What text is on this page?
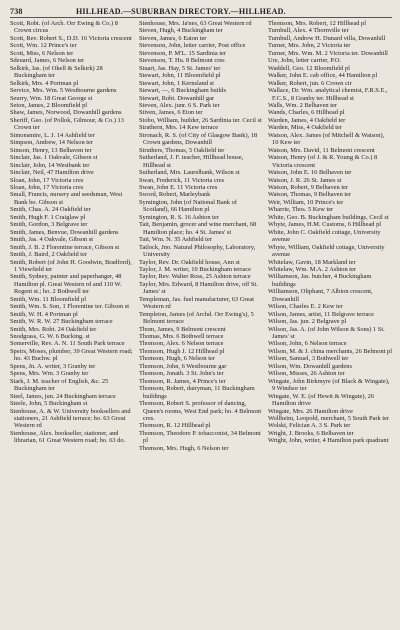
738	HILLHEAD.—SUBURBAN DIRECTORY.—HILLHEAD.
Scott, Robt. (of Arch. Orr Ewing & Co.) 8 Crown circus
Scott, Rev. Robert S., D.D. 16 Victoria crescent
Scott, Wm. 12 Prince's ter
Scott, Miss, 6 Nelson ter
Sdeuard, James, 6 Nelson ter
Selkirk, Jas. (of Okell & Selkirk) 28 Buckingham ter
Selkirk, Mrs. 4 Portman pl
Service, Mrs. Wm. 5 Westbourne gardens
Seurry, Wm. 18 Great George st
Seton, James, 2 Bloomfield pl
Shaw, James, Norwood, Dowanhill gardens
Sheriff, Geo. (of Pollok, Gilmour, & Co.) 13 Crown ter
Simonsmire, L. J. 14 Ashfield ter
Simpson, Andrew, 14 Nelson ter
Simson, Henry, 13 Belhaven ter
Sinclair, Jas. 1 Oakvale, Gibson st
Sinclair, John, 14 Westbank ter
Sinclair, Neil, 47 Hamilton drive
Sloan, John, 17 Victoria cres
Sloan, John, 17 Victoria cres
Small, Francis, nursery and seedsman, West Bank bo. Gibson st
Smith, Chas. A. 24 Oakfield ter
Smith, Hugh F. 1 Craiglaw pl
Smith, Gordon, 3 Belgrave ter
Smith, James, Benvue, Dowanhill gardens
Smith, Jas. 4 Oakvale, Gibson st
Smith, J. B. 2 Florentine terrace, Gibson st
Smith, J. Baird, 2 Oakfield ter
Smith, Robert (of John H. Goodwin, Bradford), 1 Viewfield ter
Smith, Sydney, painter and paperhanger, 48 Hamilton pl. Great Western rd and 110 W. Regent st.; ho. 2 Bothwell ter
Smith, Wm. 11 Bloomfield pl
Smith, Wm. S. Son, 1 Florentine ter. Gibson st
Smith, W. H. 4 Portman pl
Smith, W. R. W. 27 Buckingham terrace
Smith, Mrs. Robt. 24 Oakfield ter
Snodgrass, G. W. 6 Bucking. st
Somerville, Rev. A. N. 11 South Park terrace
Speirs, Moses, plumber, 39 Great Western road; ho. 43 Buchw. pl
Spens, Jn. A. writer, 3 Granby ter
Spens, Mrs. Wm. 3 Granby ter
Stark, J. M. teacher of English, &c. 25 Buckingham ter
Steel, James, jun. 24 Buckingham terrace
Steele, John, 5 Buckingham st
Stenhouse, A. & W. University booksellers and stationers, 21 Ashfield terrace; ho. 63 Great Western rd
Stenhouse, Alex. bookseller, stationer, and librarian, 61 Great Western road; ho. 63 do.
Stenhouse, Mrs. Ja'nes, 63 Great Western rd
Steven, Hugh, 4 Buckingham ter
Steven, James, 6 Eaton ter
Stevenson, John, letter carrier, Post office
Stevenson, P. M'L. 15 Sardinia ter
Stevenson, T. Hu. 8 Belmont cres
Stuart, Jas. Hay, 5 St. James' ter
Stewart, John, 11 Bloomfield pl
Stewart, John, 1 Kernsland st
Stewart, —, 6 Buckingham builds
Stewart, Robt. Dowanhill gar
Steven, Alex. junr. 6 S. Park ter
Stiven, James, 6 Eton ter
Stobo, William, builder, 26 Sardinia ter. Cecil st
Strathern, Mrs. 14 Kew terrace
Stronach, R. S. (of City of Glasgow Bank), 18 Crown gardens, Dowanhill
Struthers, Thomas, 5 Oakfield ter
Sutherland, J. F. teacher, Hillhead house, Hillhead st
Sutherland, Mrs. Laurelbank, Wilson st
Swan, Frederick, 11 Victoria cres
Swan, John E. 11 Victoria cres
Sword, Robert, Marleybank
Symington, John (of National Bank of Scotland), 66 Hamilton pl
Symington, R. S. 16 Ashton ter
Tait, Benjamin, grocer and wine merchant, 68 Hamilton place; ho. 4 St. James' st
Tait, Wm. N. 35 Ashfield ter
Tatlock, Jno. Natural Philosophy, Laboratory, University
Taylor, Rev. Dr. Oakfield house, Ann st
Taylor, J. M. writer, 10 Buckingham terrace
Taylor, Rev. Walter Ross, 25 Ashton terrace
Taylor, Mrs. Edward, 8 Hamilton drive, off St. James' st
Templeman, Jas. fuel manufacturer, 63 Great Western rd
Templeton, James (of Archd. Orr Ewing's), 5 Belmont terrace
Thom, James, 9 Belmont crescent
Thomas, Mrs. 6 Bothwell terrace
Thomson, Alex. 6 Nelson terrace
Thomson, Hugh J. 12 Hillhead pl
Thomson, Hugh, 6 Nelson ter
Thomson, John, 6 Westbourne gar
Thomson, Jonath. 3 St. John's ter
Thomson, R. James, 4 Prince's ter
Thomson, Robert, dairyman, 11 Buckingham buildings
Thomson, Robert S. professor of dancing, Queen's rooms, West End park; ho. 4 Belmont cres.
Thomson, R. 12 Hillhead pl
Thomson, Theodore P. tobacconist, 34 Belmont pl
Thomson, Mrs. Hugh, 6 Nelson ter
Thomson, Mrs. Robert, 12 Hillhead pl
Turnbull, Alex. 4 Thornville ter
Turnbull, Andrew H. Dunard villa, Dowanhill
Turner, Mrs. John, 2 Victoria ter
Turner, Mrs. Wm. M. 2 Victoria ter. Dowanhill
Ure, John, letter carrier, P.O.
Waddell, Geo. 12 Bloomfield pl
Walker, John E. cab office, 44 Hamilton pl
Walker, Robert, jun. 6 Crown cir
Wallace, Dr. Wm. analytical chemist, F.R.S.E., F.C.S., 8 Granby ter. Hillhead st
Walls, Wm. 2 Belhaven ter
Wands, Charles, 6 Hillhead pl
Warden, James, 4 Oakfield ter
Warden, Miss, 4 Oakfield ter
Watson, Alex. James (of Mitchell & Watson), 10 Kew ter
Watson, Mrs. David, 11 Belmont crescent
Watson, Henry (of J. & R. Young & Co.) 8 Victoria crescent
Watson, John E. 16 Belhaven ter
Watson, J. R. 26 St. James st
Watson, Robert, 9 Belhaven ter
Watson, Thomas, 9 Belhaven ter
Weir, William, 10 Prince's ter
Wharrie, Thos. 5 Kew ter
White, Geo. B. Buckingham buildings, Cecil st
Whyte, James, H.M. Customs, 6 Hillhead pl
White, John C. Oakfield cottage, University avenue
Whyte, William, Oakfield cottage, University avenue
Whitelaw, Gavin, 18 Markland ter
Whitelaw, Wm. M.A. 2 Ashton ter
Williamson, Jas. butcher, 4 Buckingham buildings
Williamson, Oliphant, 7 Albion crescent, Dowanhill
Wilson, Charles E. 2 Kew ter
Wilson, James, artist, 11 Belgrave terrace
Wilson, Jas. jun. 2 Belgrave pl
Wilson, Jas. A. (of John Wilson & Sons) 1 St. James' st
Wilson, John, 6 Nelson terrace
Wilson, M. & J. china merchants, 26 Belmont pl
Wilson, Samuel, 3 Bothwell ter
Wilson, Wm. Dowanhill gardens
Wilson, Misses, 26 Ashton ter
Wingate, John Birkmyre (of Black & Wingate), 9 Windsor ter
Wingate, W. E. (of Hewit & Wingate), 26 Hamilton drive
Wingate, Mrs. 26 Hamilton drive
Wollheim, Leopold, merchant, 5 South Park ter
Wolski, Felician A. 3 S. Park ter
Wright, J. Brooks, 6 Belhaven ter
Wright, John, writer, 4 Hamilton park quadrant
